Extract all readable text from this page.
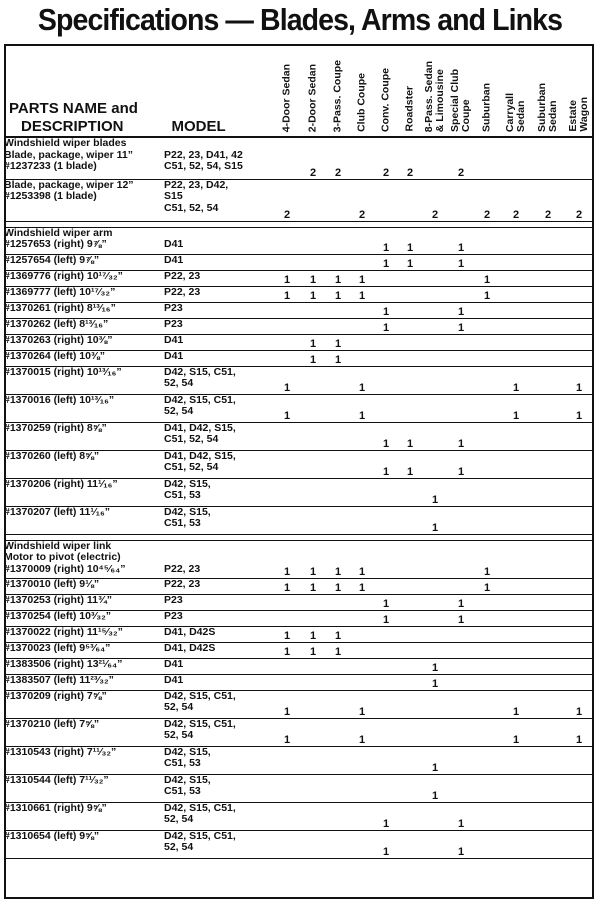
Specifications — Blades, Arms and Links
PARTS NAME and
DESCRIPTION MODEL		4-Door Sedan	2-Door Sedan	3-Pass. Coupe	Club Coupe	Conv. Coupe	Roadster	8-Pass. Sedan & Limousine	Special Club Coupe	Suburban	Carryall Sedan	Suburban Sedan	Estate Wagon

Windshield wiper blades
Blade, package, wiper 11”
#1237233 (1 blade)	P22, 23, D41, 42
C51, 52, 54, S15		2	2		2	2		2				

Blade, package, wiper 12”
#1253398 (1 blade)	P22, 23, D42,
S15
C51, 52, 54	2			2			2		2	2	2	2

Windshield wiper arm
#1257653 (right) 9⅞”	D41					1	1		1				

#1257654 (left) 9⅞”	D41					1	1		1				

#1369776 (right) 10¹⁷⁄₃₂”	P22, 23	1	1	1	1					1			

#1369777 (left) 10¹⁷⁄₃₂”	P22, 23	1	1	1	1					1			

#1370261 (right) 8¹³⁄₁₆”	P23					1			1				

#1370262 (left) 8¹³⁄₁₆”	P23					1			1				

#1370263 (right) 10⅜”	D41		1	1									

#1370264 (left) 10⅜”	D41		1	1									

#1370015 (right) 10¹³⁄₁₆”	D42, S15, C51,
52, 54	1			1						1		1

#1370016 (left) 10¹³⁄₁₆”	D42, S15, C51,
52, 54	1			1						1		1

#1370259 (right) 8⅝”	D41, D42, S15,
C51, 52, 54					1	1		1				

#1370260 (left) 8⅝”	D41, D42, S15,
C51, 52, 54					1	1		1				

#1370206 (right) 11¹⁄₁₆”	D42, S15,
C51, 53							1					

#1370207 (left) 11¹⁄₁₆”	D42, S15,
C51, 53							1					

Windshield wiper link
Motor to pivot (electric)
#1370009 (right) 10⁴⁵⁄₆₄”	P22, 23	1	1	1	1					1			

#1370010 (left) 9⅛”	P22, 23	1	1	1	1					1			

#1370253 (right) 11¾”	P23					1			1				

#1370254 (left) 10³⁄₃₂”	P23					1			1				

#1370022 (right) 11¹⁵⁄₃₂”	D41, D42S	1	1	1									

#1370023 (left) 9⁵³⁄₆₄”	D41, D42S	1	1	1									

#1383506 (right) 13²¹⁄₆₄”	D41							1					

#1383507 (left) 11²³⁄₃₂”	D41							1					

#1370209 (right) 7⅝”	D42, S15, C51,
52, 54	1			1						1		1

#1370210 (left) 7⅝”	D42, S15, C51,
52, 54	1			1						1		1

#1310543 (right) 7¹¹⁄₃₂”	D42, S15,
C51, 53							1					

#1310544 (left) 7¹¹⁄₃₂”	D42, S15,
C51, 53							1					

#1310661 (right) 9⅝”	D42, S15, C51,
52, 54					1			1				

#1310654 (left) 9⅝”	D42, S15, C51,
52, 54					1			1				
